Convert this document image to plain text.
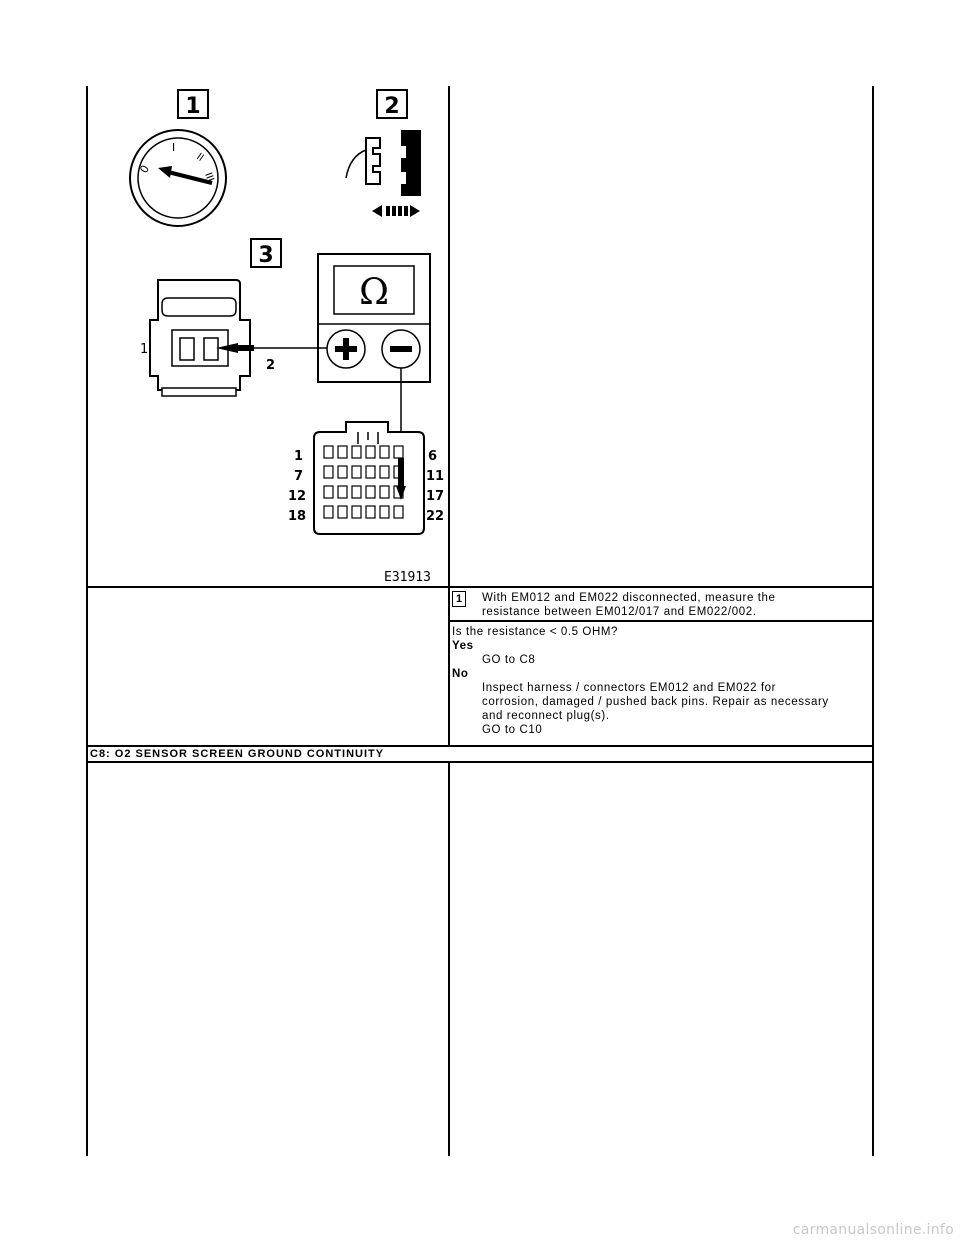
1	2
3
0
I
II
III
Ω
1
2
1	6
7	11
12	17
18	22
E31913
1	With EM012 and EM022 disconnected, measure the
resistance between EM012/017 and EM022/002.
Is the resistance < 0.5 OHM?
Yes
GO to C8
No
Inspect harness / connectors EM012 and EM022 for
corrosion, damaged / pushed back pins. Repair as necessary
and reconnect plug(s).
GO to C10
C8: O2 SENSOR SCREEN GROUND CONTINUITY
carmanualsonline.info
